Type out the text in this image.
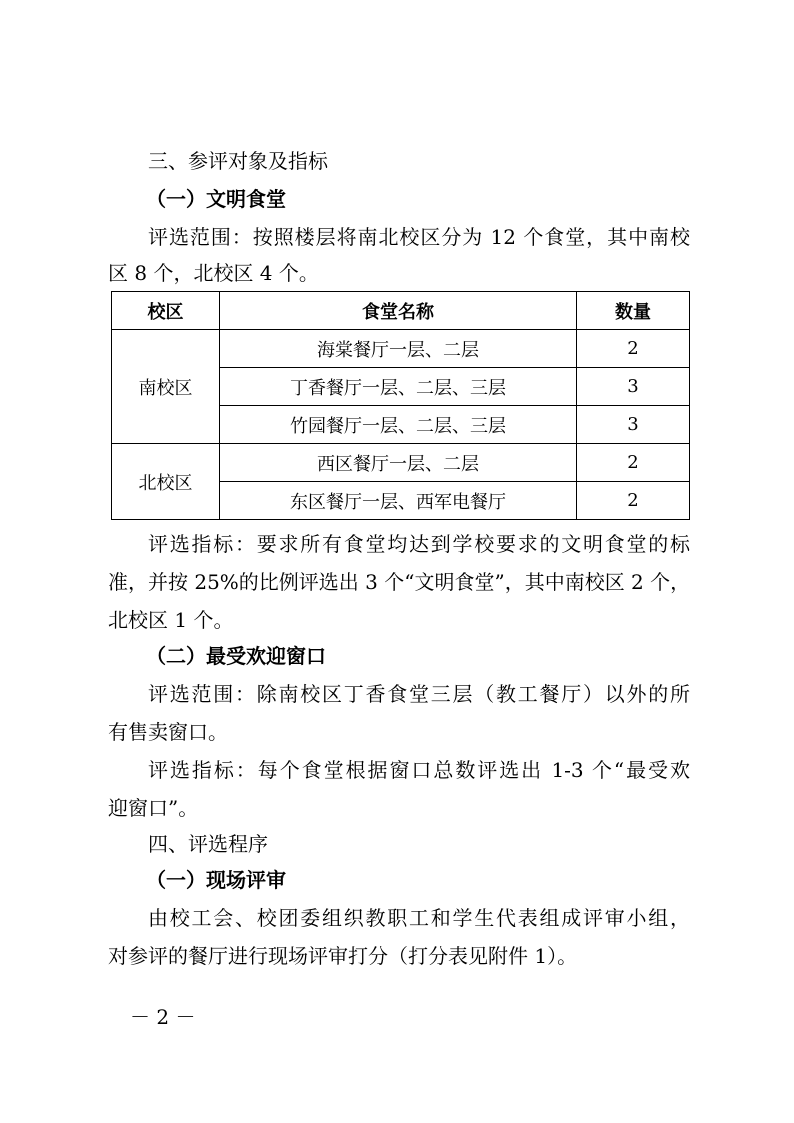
三、参评对象及指标
（一）文明食堂
评选范围：按照楼层将南北校区分为 12 个食堂，其中南校
区 8 个，北校区 4 个。
校区	食堂名称	数量
南校区	海棠餐厅一层、二层	2
	丁香餐厅一层、二层、三层	3
	竹园餐厅一层、二层、三层	3
北校区	西区餐厅一层、二层	2
	东区餐厅一层、西军电餐厅	2
评选指标：要求所有食堂均达到学校要求的文明食堂的标
准，并按 25%的比例评选出 3 个“文明食堂”，其中南校区 2 个，
北校区 1 个。
（二）最受欢迎窗口
评选范围：除南校区丁香食堂三层（教工餐厅）以外的所
有售卖窗口。
评选指标：每个食堂根据窗口总数评选出 1-3 个“最受欢
迎窗口”。
四、评选程序
（一）现场评审
由校工会、校团委组织教职工和学生代表组成评审小组，
对参评的餐厅进行现场评审打分（打分表见附件 1）。
－ 2 －
